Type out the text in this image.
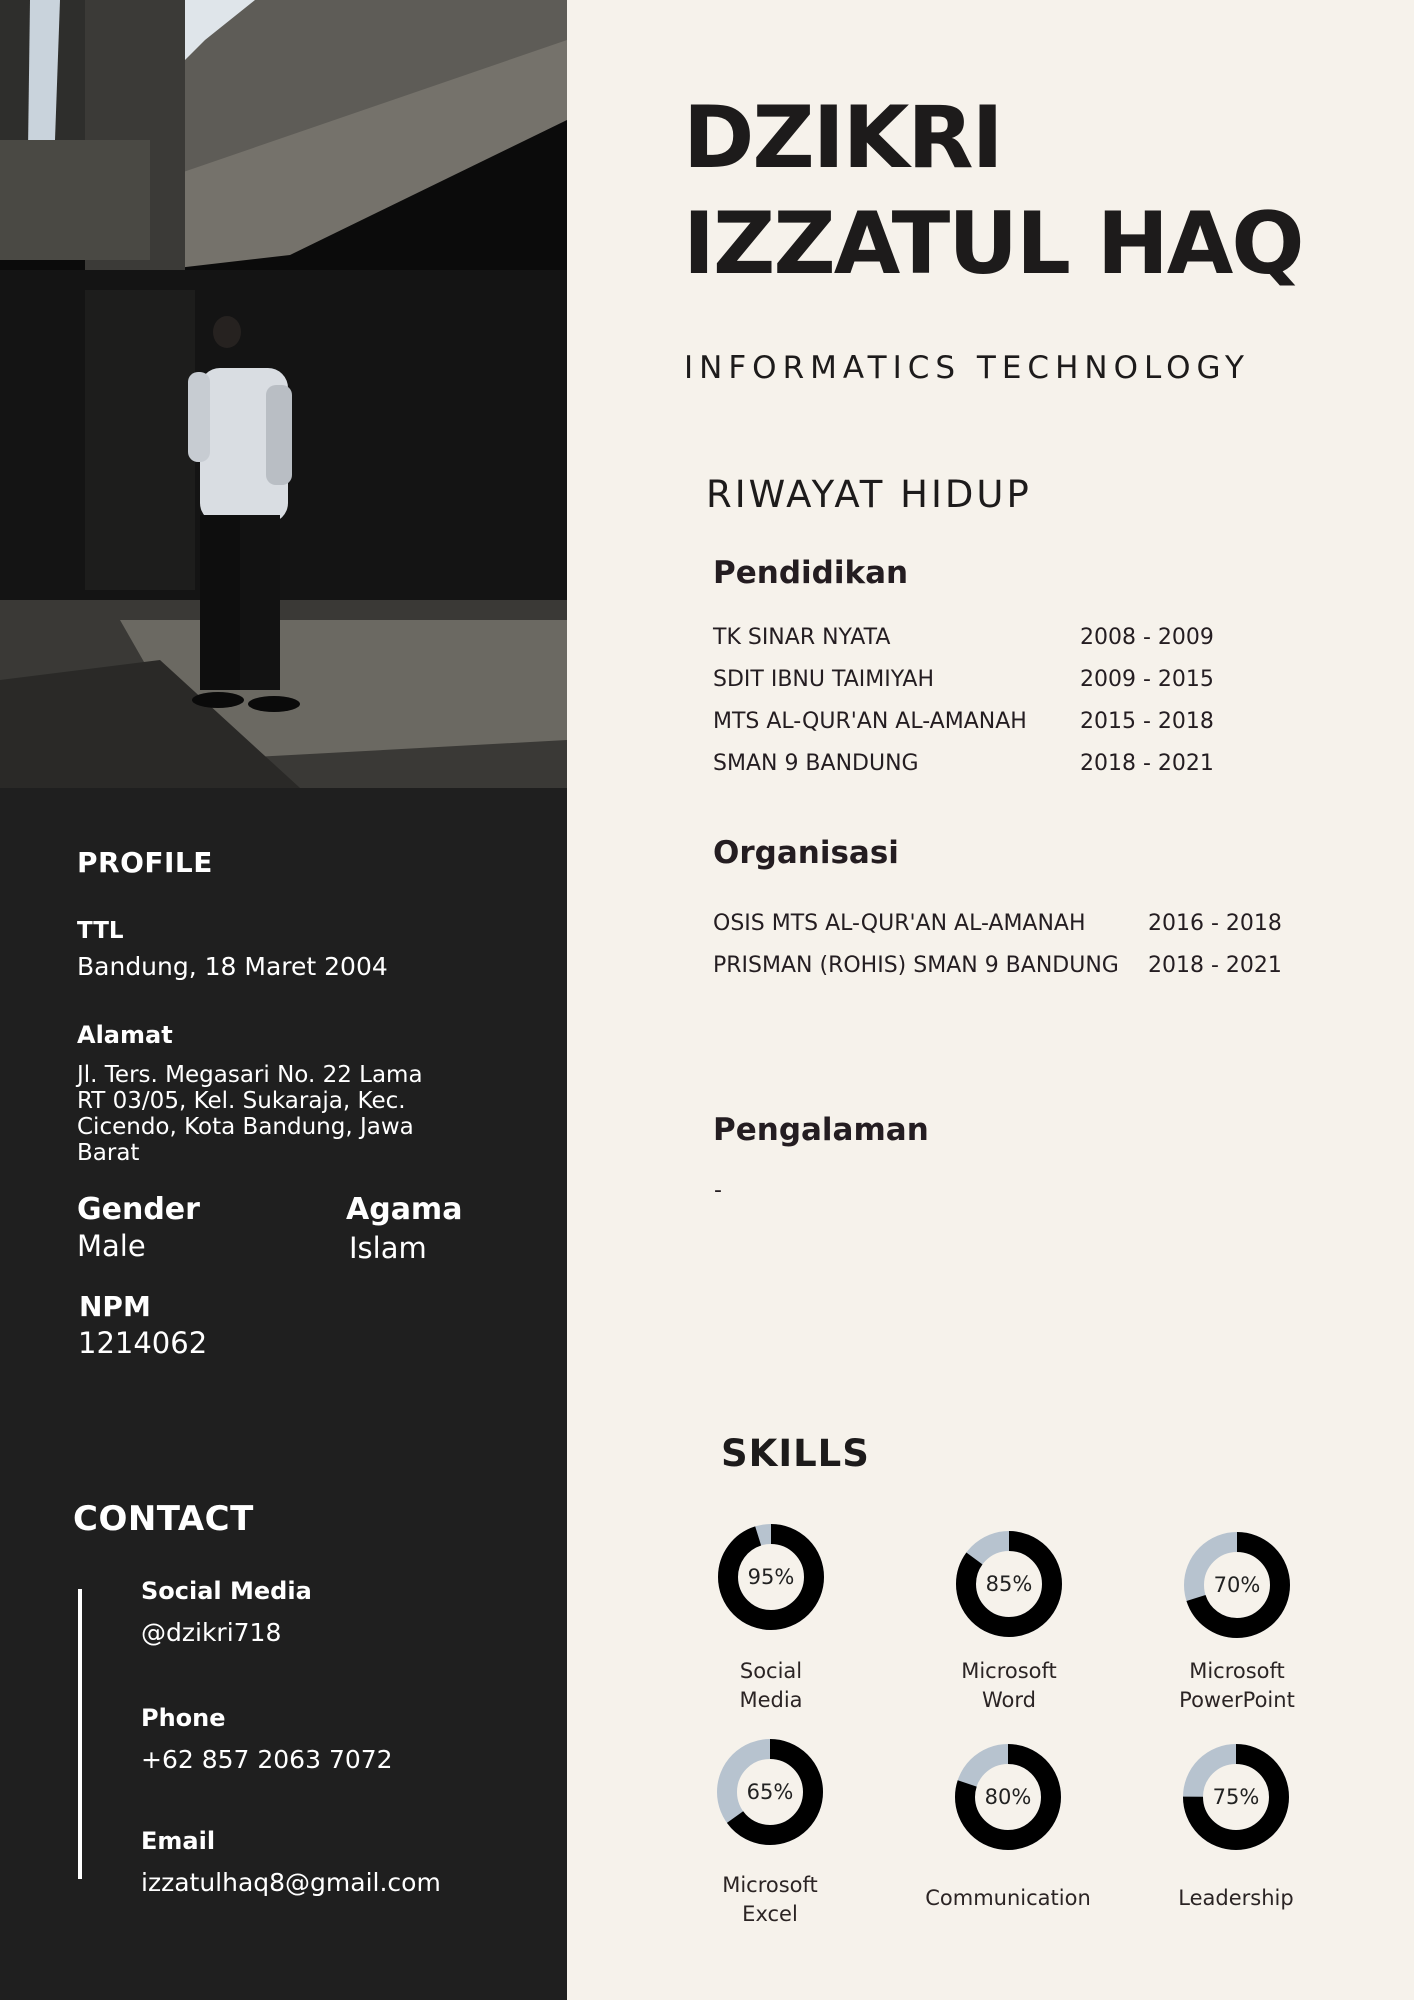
PROFILE
TTL
Bandung, 18 Maret 2004
Alamat
Jl. Ters. Megasari No. 22 Lama
RT 03/05, Kel. Sukaraja, Kec.
Cicendo, Kota Bandung, Jawa
Barat
Gender
Male
Agama
Islam
NPM
1214062
CONTACT
Social Media
@dzikri718
Phone
+62 857 2063 7072
Email
izzatulhaq8@gmail.com
DZIKRI
IZZATUL HAQ
INFORMATICS TECHNOLOGY
RIWAYAT HIDUP
Pendidikan
TK SINAR NYATA	2008 - 2009
SDIT IBNU TAIMIYAH	2009 - 2015
MTS AL-QUR'AN AL-AMANAH 2015 - 2018
SMAN 9 BANDUNG	2018 - 2021
Organisasi
OSIS MTS AL-QUR'AN AL-AMANAH	2016 - 2018
PRISMAN (ROHIS) SMAN 9 BANDUNG 2018 - 2021
Pengalaman
-
SKILLS
95%
Social
Media
85%
Microsoft
Word
70%
Microsoft
PowerPoint
65%
Microsoft
Excel
80%
Communication
75%
Leadership
